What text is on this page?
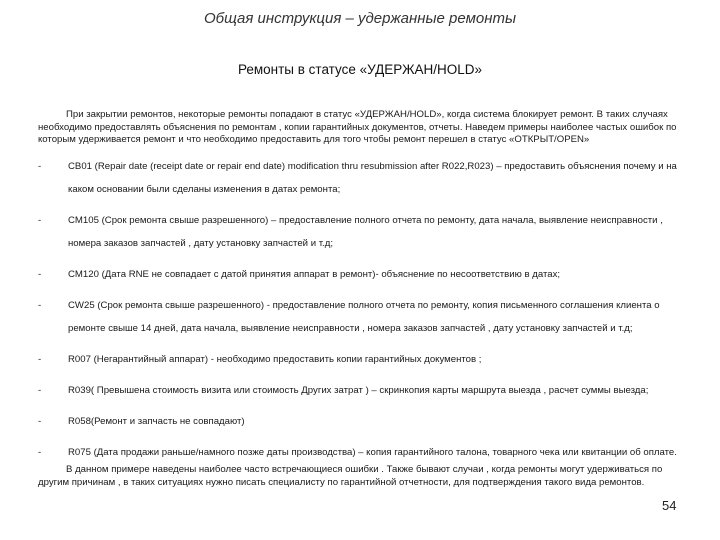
Общая инструкция – удержанные ремонты
Ремонты в статусе «УДЕРЖАН/HOLD»

При закрытии ремонтов, некоторые ремонты попадают в статус «УДЕРЖАН/HOLD», когда система блокирует ремонт. В таких случаях необходимо предоставлять объяснения по ремонтам , копии гарантийных документов, отчеты. Наведем примеры наиболее частых ошибок по которым удерживается ремонт и что необходимо предоставить для того чтобы ремонт перешел в статус «ОТКРЫТ/OPEN»

-	CB01 (Repair date (receipt date or repair end date) modification thru resubmission after R022,R023) – предоставить объяснения почему и на каком основании были сделаны изменения в датах ремонта;
-	CM105 (Срок ремонта свыше разрешенного) – предоставление полного отчета по ремонту, дата начала, выявление неисправности , номера заказов запчастей , дату установку запчастей и т.д;
-	CM120 (Дата RNE не совпадает с датой принятия аппарат в ремонт)- объяснение по несоответствию в датах;
-	CW25 (Срок ремонта свыше разрешенного) - предоставление полного отчета по ремонту, копия письменного соглашения клиента о ремонте свыше 14 дней, дата начала, выявление неисправности , номера заказов запчастей , дату установку запчастей и т.д;
-	R007 (Негарантийный аппарат) - необходимо предоставить копии гарантийных документов ;
-	R039( Превышена стоимость визита или стоимость Других затрат ) – скринкопия карты маршрута выезда , расчет суммы выезда;
-	R058(Ремонт и запчасть не совпадают)
-	R075 (Дата продажи раньше/намного позже даты производства) – копия гарантийного талона, товарного чека или квитанции об оплате.

В данном примере наведены наиболее часто встречающиеся ошибки . Также бывают случаи , когда ремонты могут удерживаться по другим причинам , в таких ситуациях нужно писать специалисту по гарантийной отчетности, для подтверждения такого вида ремонтов.

54
